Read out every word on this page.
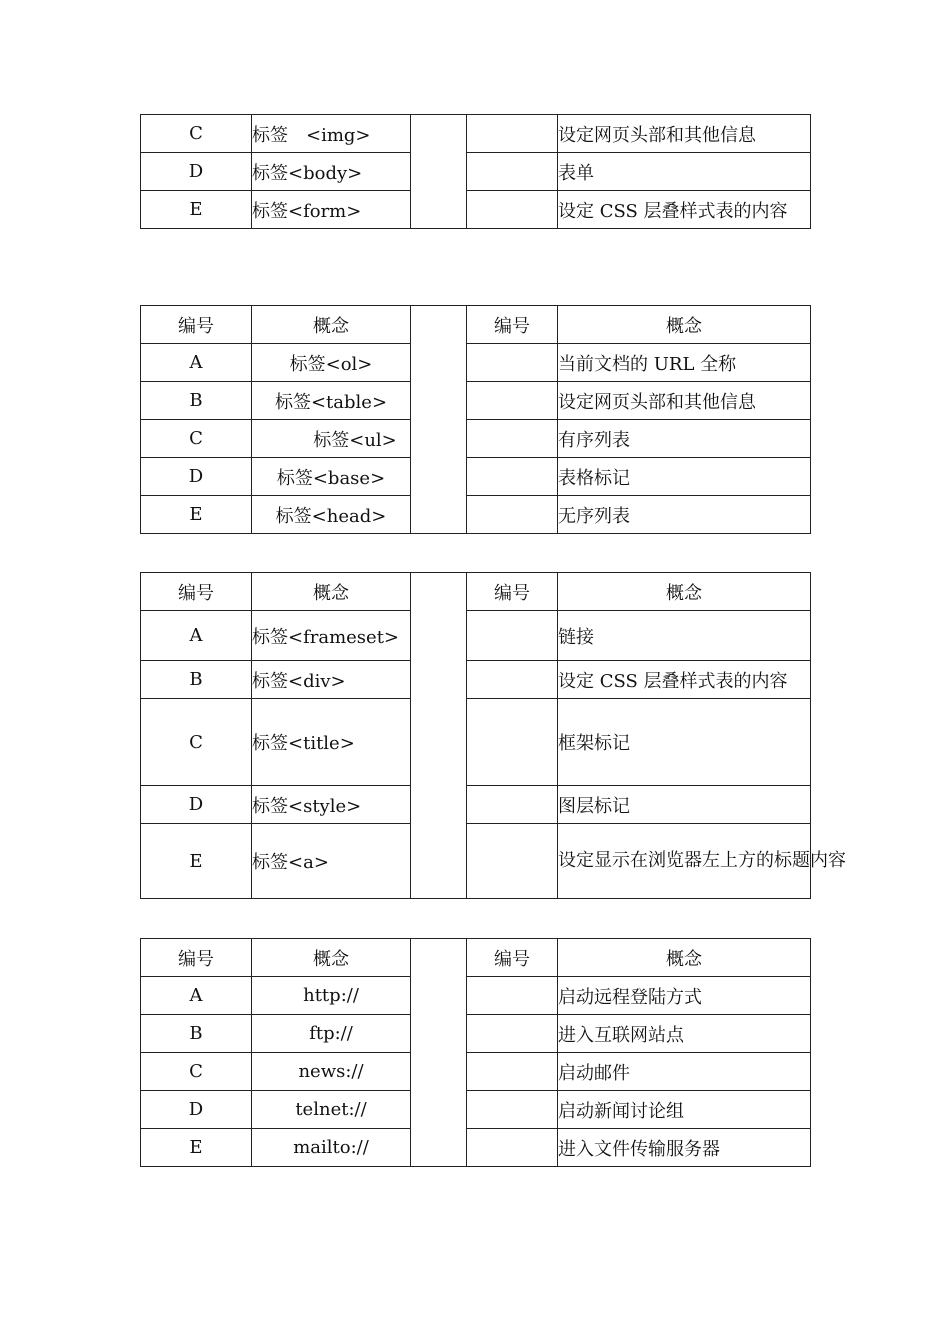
C	标签　<img>			设定网页头部和其他信息
D	标签<body>			表单
E	标签<form>			设定 CSS 层叠样式表的内容
编号	概念		编号	概念
A	标签<ol>			当前文档的 URL 全称
B	标签<table>			设定网页头部和其他信息
C	标签<ul>			有序列表
D	标签<base>			表格标记
E	标签<head>			无序列表
编号	概念		编号	概念
A	标签<frameset>			链接
B	标签<div>			设定 CSS 层叠样式表的内容
C	标签<title>			框架标记
D	标签<style>			图层标记
E	标签<a>			设定显示在浏览器左上方的标题内容
编号	概念		编号	概念
A	http://			启动远程登陆方式
B	ftp://			进入互联网站点
C	news://			启动邮件
D	telnet://			启动新闻讨论组
E	mailto://			进入文件传输服务器
